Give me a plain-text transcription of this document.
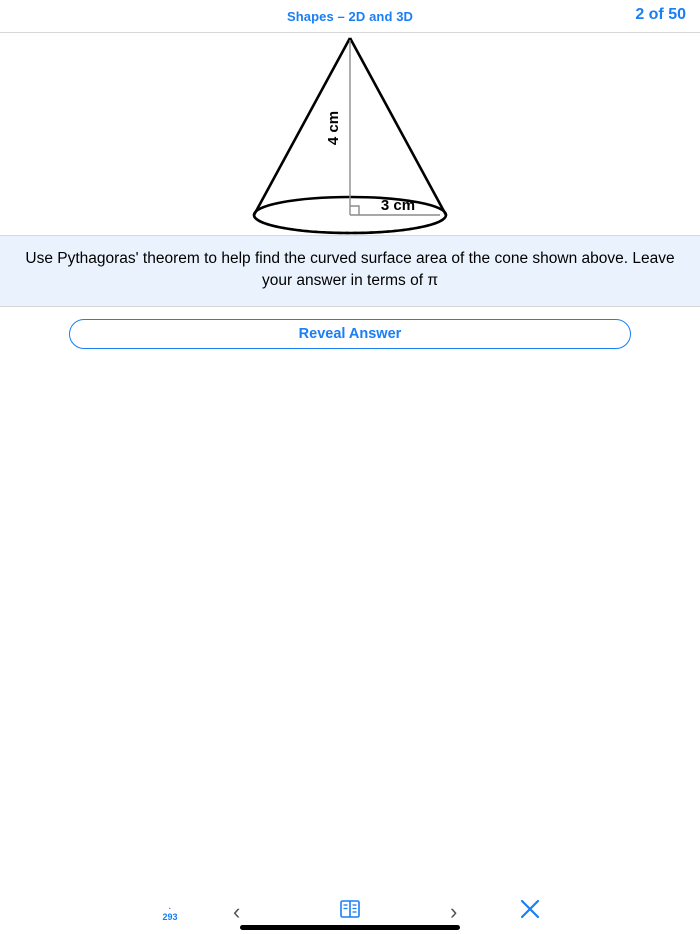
Shapes – 2D and 3D	2 of 50
4 cm
3 cm
Use Pythagoras' theorem to help find the curved surface area of the cone shown above. Leave your answer in terms of π
Reveal Answer
·
293	‹	›
